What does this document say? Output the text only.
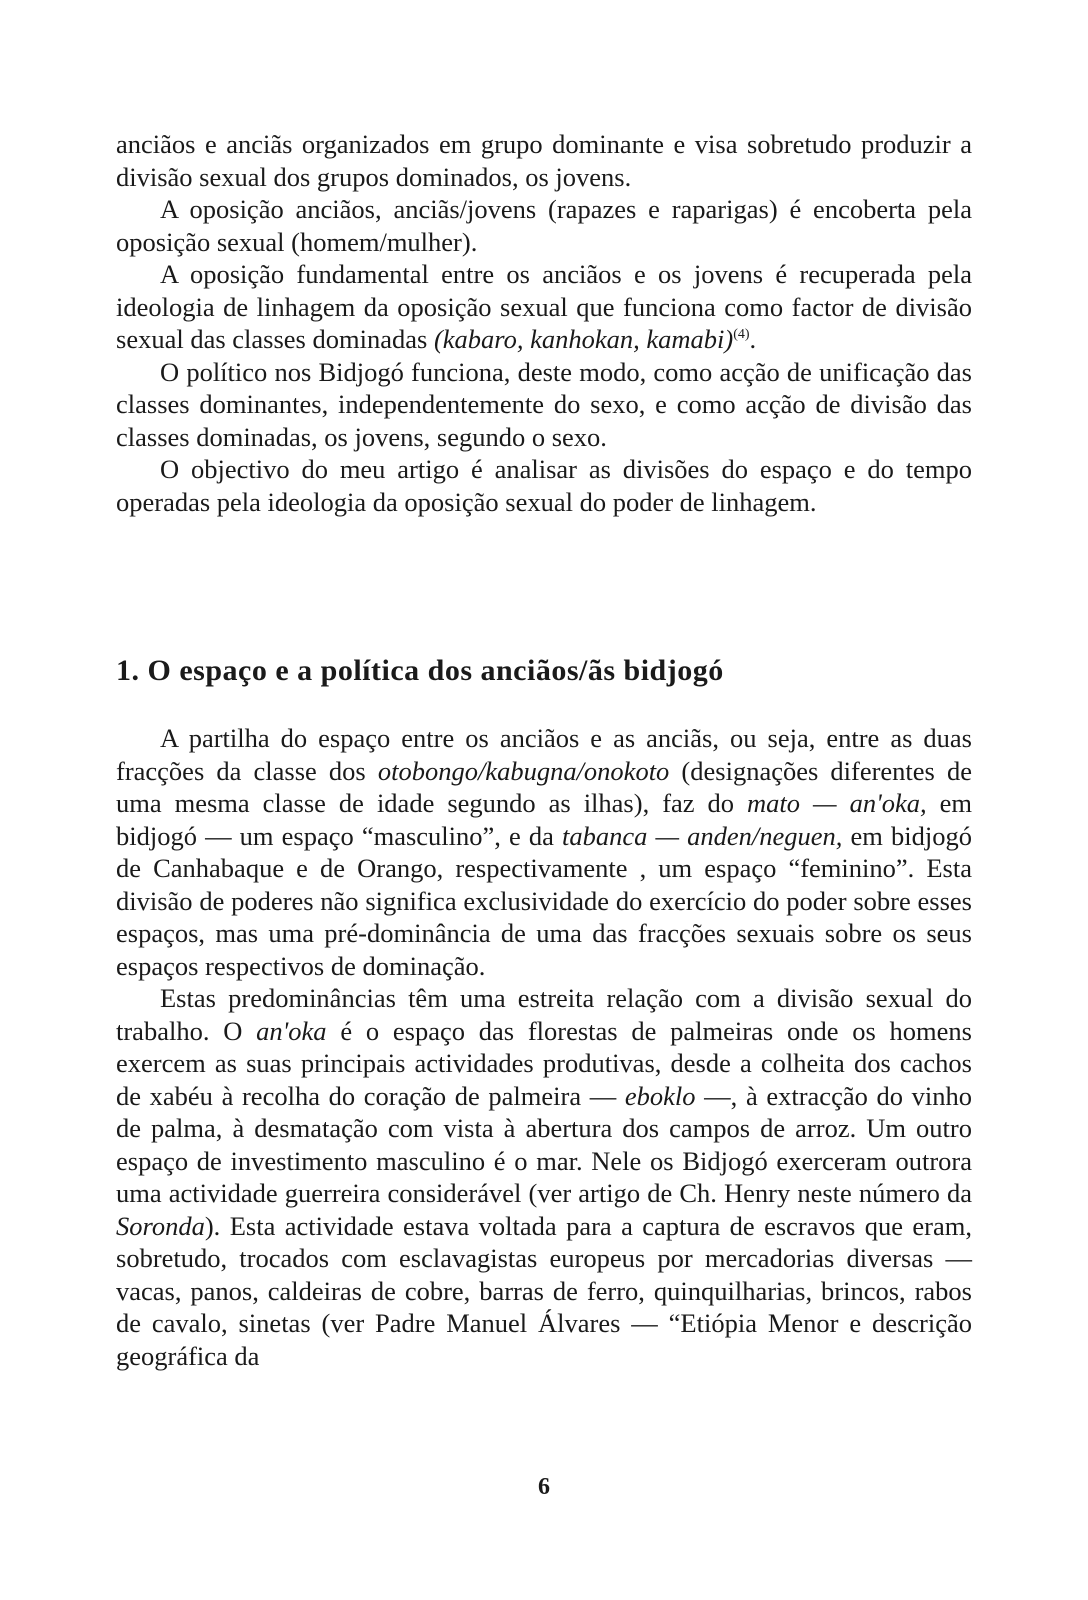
anciãos e anciãs organizados em grupo dominante e visa sobretudo produzir a divisão sexual dos grupos dominados, os jovens.

A oposição anciãos, anciãs/jovens (rapazes e raparigas) é encoberta pela oposição sexual (homem/mulher).

A oposição fundamental entre os anciãos e os jovens é recuperada pela ideologia de linhagem da oposição sexual que funciona como factor de divisão sexual das classes dominadas (kabaro, kanhokan, kamabi)$^{(4)}$.

O político nos Bidjogó funciona, deste modo, como acção de unificação das classes dominantes, independentemente do sexo, e como acção de divisão das classes dominadas, os jovens, segundo o sexo.

O objectivo do meu artigo é analisar as divisões do espaço e do tempo operadas pela ideologia da oposição sexual do poder de linhagem.

1. O espaço e a política dos anciãos/ãs bidjogó

A partilha do espaço entre os anciãos e as anciãs, ou seja, entre as duas fracções da classe dos otobongo/kabugna/onokoto (designações diferentes de uma mesma classe de idade segundo as ilhas), faz do mato — an'oka, em bidjogó — um espaço “masculino”, e da tabanca — anden/neguen, em bidjogó de Canhabaque e de Orango, respectivamente , um espaço “feminino”. Esta divisão de poderes não significa exclusividade do exercício do poder sobre esses espaços, mas uma pré-dominância de uma das fracções sexuais sobre os seus espaços respectivos de dominação.

Estas predominâncias têm uma estreita relação com a divisão sexual do trabalho. O an'oka é o espaço das florestas de palmeiras onde os homens exercem as suas principais actividades produtivas, desde a colheita dos cachos de xabéu à recolha do coração de palmeira — eboklo —, à extracção do vinho de palma, à desmatação com vista à abertura dos campos de arroz. Um outro espaço de investimento masculino é o mar. Nele os Bidjogó exerceram outrora uma actividade guerreira considerável (ver artigo de Ch. Henry neste número da Soronda). Esta actividade estava voltada para a captura de escravos que eram, sobretudo, trocados com esclavagistas europeus por mercadorias diversas — vacas, panos, caldeiras de cobre, barras de ferro, quinquilharias, brincos, rabos de cavalo, sinetas (ver Padre Manuel Álvares — “Etiópia Menor e descrição geográfica da

6
